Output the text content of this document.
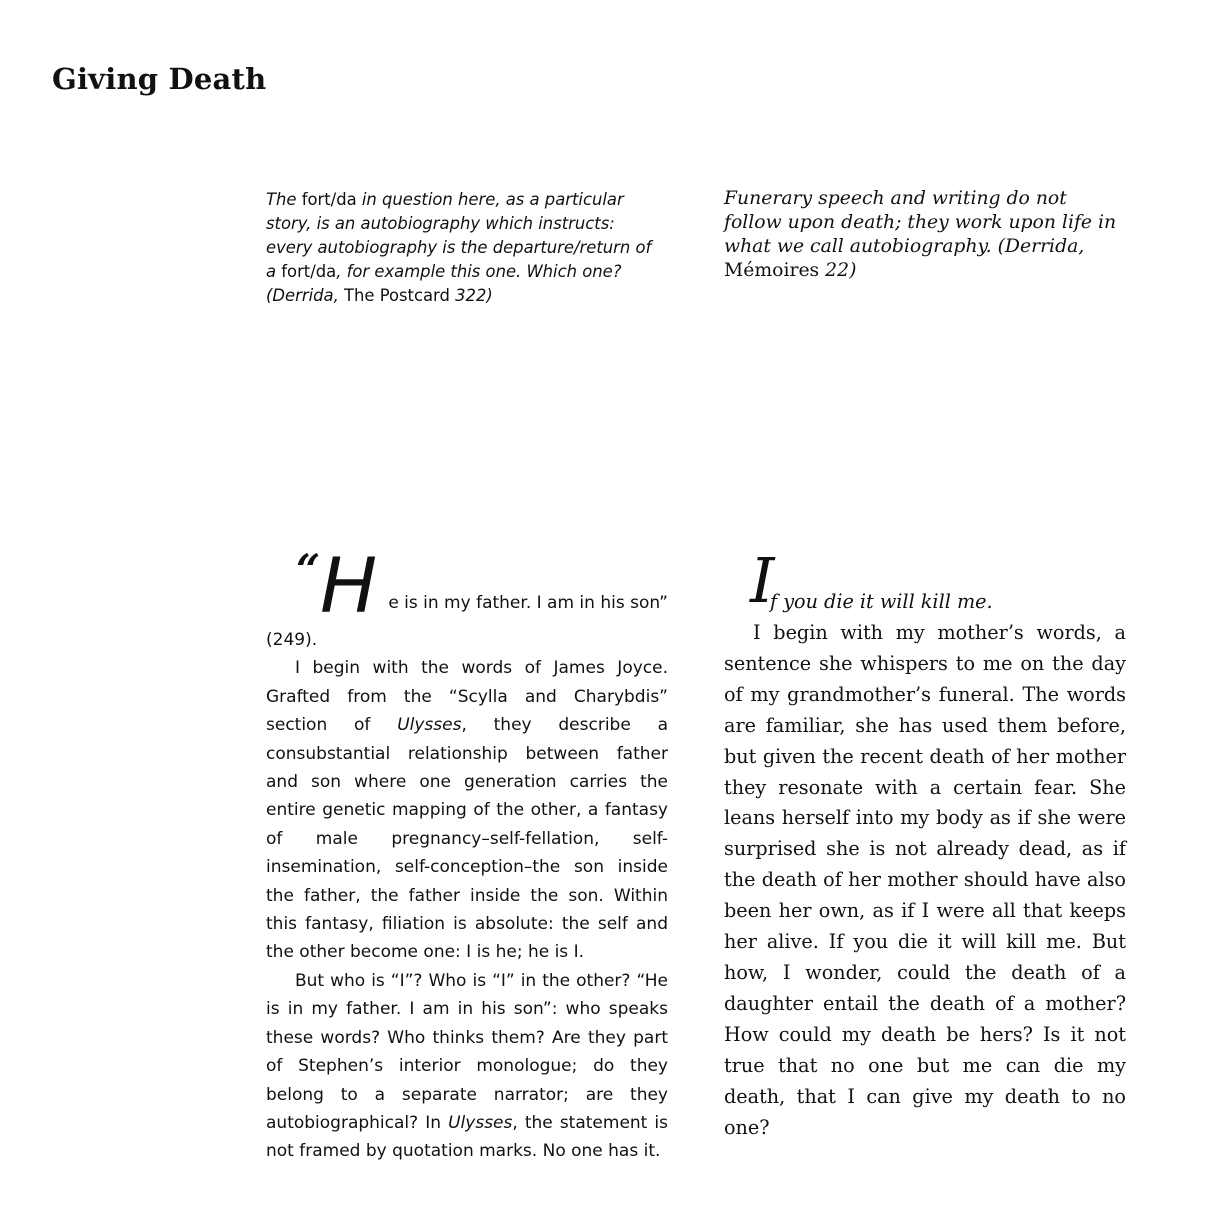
Giving Death
The fort/da in question here, as a particular story, is an autobiography which instructs: every autobiography is the departure/return of a fort/da, for example this one. Which one? (Derrida, The Postcard 322)
Funerary speech and writing do not follow upon death; they work upon life in what we call autobiography. (Derrida, Mémoires 22)
“ H e is in my father. I am in his son”

(249).

I begin with the words of James Joyce. Grafted from the “Scylla and Charybdis” section of Ulysses, they describe a consubstantial relationship between father and son where one generation carries the entire genetic mapping of the other, a fantasy of male pregnancy–self-fellation, self-insemination, self-conception–the son inside the father, the father inside the son. Within this fantasy, filiation is absolute: the self and the other become one: I is he; he is I.

But who is “I”? Who is “I” in the other? “He is in my father. I am in his son”: who speaks these words? Who thinks them? Are they part of Stephen’s interior monologue; do they belong to a separate narrator; are they autobiographical? In Ulysses, the statement is not framed by quotation marks. No one has it.

I
f you die it will kill me.

I begin with my mother’s words, a sentence she whispers to me on the day of my grandmother’s funeral. The words are familiar, she has used them before, but given the recent death of her mother they resonate with a certain fear. She leans herself into my body as if she were surprised she is not already dead, as if the death of her mother should have also been her own, as if I were all that keeps her alive. If you die it will kill me. But how, I wonder, could the death of a daughter entail the death of a mother? How could my death be hers? Is it not true that no one but me can die my death, that I can give my death to no one?
